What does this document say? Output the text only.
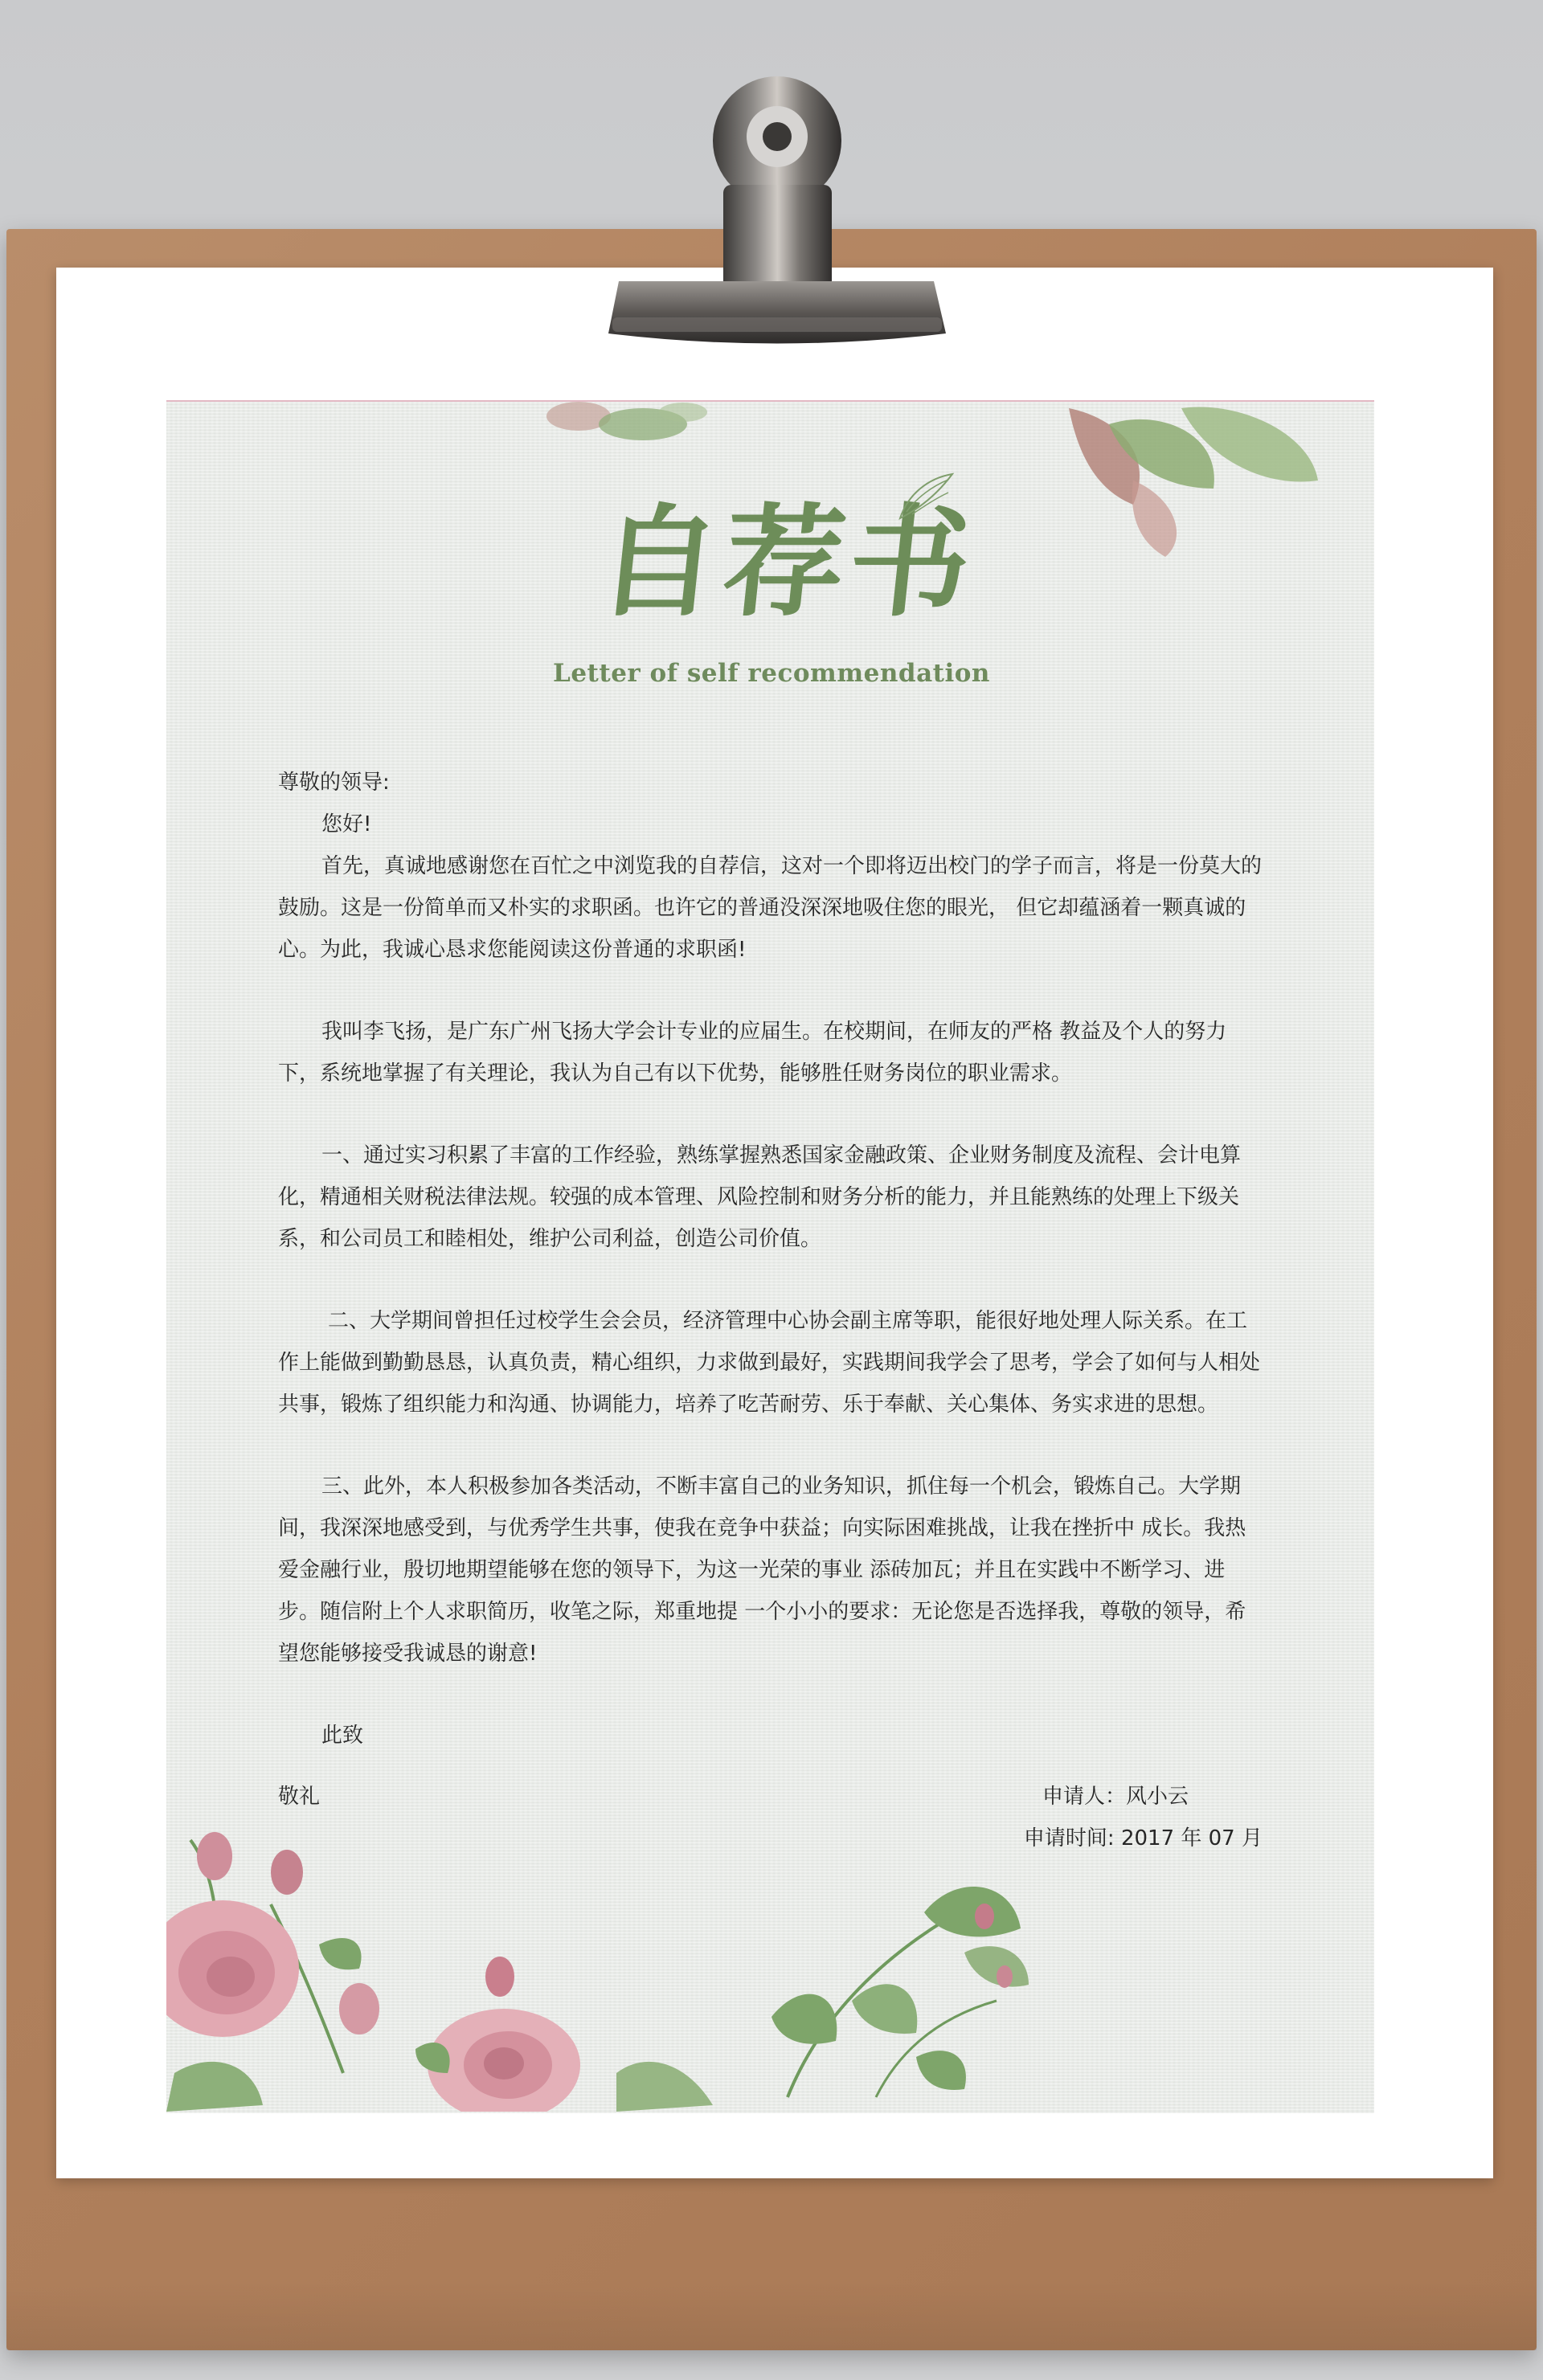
自荐书
Letter of self recommendation

尊敬的领导:

您好!

首先，真诚地感谢您在百忙之中浏览我的自荐信，这对一个即将迈出校门的学子而言，将是一份莫大的鼓励。这是一份简单而又朴实的求职函。也许它的普通没深深地吸住您的眼光， 但它却蕴涵着一颗真诚的心。为此，我诚心恳求您能阅读这份普通的求职函!

我叫李飞扬，是广东广州飞扬大学会计专业的应届生。在校期间，在师友的严格 教益及个人的努力下，系统地掌握了有关理论，我认为自己有以下优势，能够胜任财务岗位的职业需求。

一、通过实习积累了丰富的工作经验，熟练掌握熟悉国家金融政策、企业财务制度及流程、会计电算化，精通相关财税法律法规。较强的成本管理、风险控制和财务分析的能力，并且能熟练的处理上下级关系，和公司员工和睦相处，维护公司利益，创造公司价值。

二、大学期间曾担任过校学生会会员，经济管理中心协会副主席等职，能很好地处理人际关系。在工作上能做到勤勤恳恳，认真负责，精心组织，力求做到最好，实践期间我学会了思考，学会了如何与人相处共事，锻炼了组织能力和沟通、协调能力，培养了吃苦耐劳、乐于奉献、关心集体、务实求进的思想。

三、此外，本人积极参加各类活动，不断丰富自己的业务知识，抓住每一个机会，锻炼自己。大学期间，我深深地感受到，与优秀学生共事，使我在竞争中获益；向实际困难挑战，让我在挫折中 成长。我热爱金融行业，殷切地期望能够在您的领导下，为这一光荣的事业 添砖加瓦；并且在实践中不断学习、进步。随信附上个人求职简历，收笔之际，郑重地提 一个小小的要求：无论您是否选择我，尊敬的领导，希望您能够接受我诚恳的谢意!

此致

敬礼	申请人：风小云

申请时间: 2017 年 07 月
